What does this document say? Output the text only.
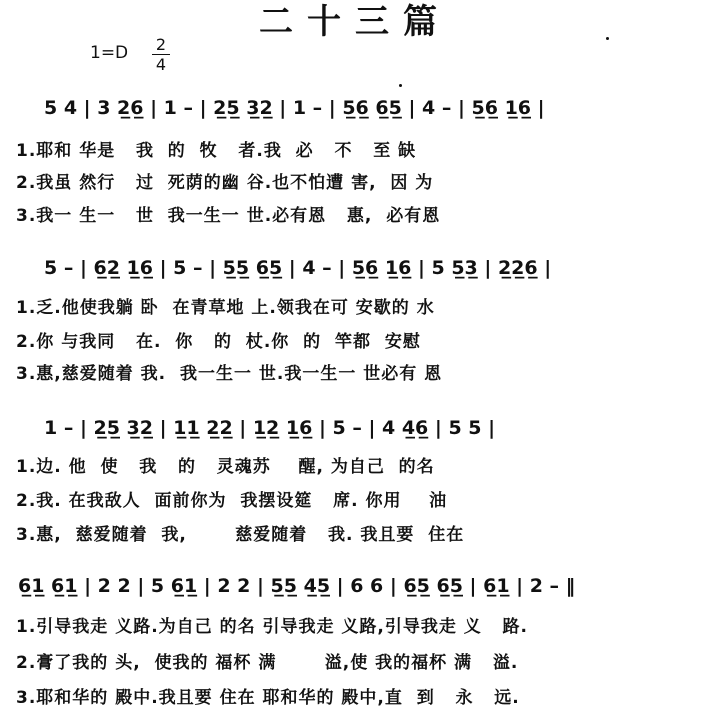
二十三篇
1=D 2
4
5 4 | 3 2̲6̲ | 1 – | 2̲5̲ 3̲2̲ | 1 – | 5̲6̲ 6̲5̲ | 4 – | 5̲6̲ 1̲6̲ |
1.耶和 华是   我  的  牧   者.我  必   不   至 缺
2.我虽 然行   过  死荫的幽 谷.也不怕遭 害,  因 为
3.我一 生一   世  我一生一 世.必有恩   惠,  必有恩
5 – | 6̲2̲ 1̲6̲ | 5 – | 5̲5̲ 6̲5̲ | 4 – | 5̲6̲ 1̲6̲ | 5 5̲3̲ | 2̲2̲6̲ |
1.乏.他使我躺 卧  在青草地 上.领我在可 安歇的 水
2.你 与我同   在.  你   的  杖.你  的  竿都  安慰
3.惠,慈爱随着 我.  我一生一 世.我一生一 世必有 恩
1 – | 2̲5̲ 3̲2̲ | 1̲1̲ 2̲2̲ | 1̲2̲ 1̲6̲ | 5 – | 4 4̲6̲ | 5 5 |
1.边. 他  使   我   的   灵魂苏    醒, 为自己  的名
2.我. 在我敌人  面前你为  我摆设筵   席. 你用    油
3.惠,  慈爱随着  我,       慈爱随着   我. 我且要  住在
6̲1̲ 6̲1̲ | 2 2 | 5 6̲1̲ | 2 2 | 5̲5̲ 4̲5̲ | 6 6 | 6̲5̲ 6̲5̲ | 6̲1̲ | 2 – ‖
1.引导我走 义路.为自己 的名 引导我走 义路,引导我走 义   路.
2.膏了我的 头,  使我的 福杯 满       溢,使 我的福杯 满   溢.
3.耶和华的 殿中.我且要 住在 耶和华的 殿中,直  到   永   远.
